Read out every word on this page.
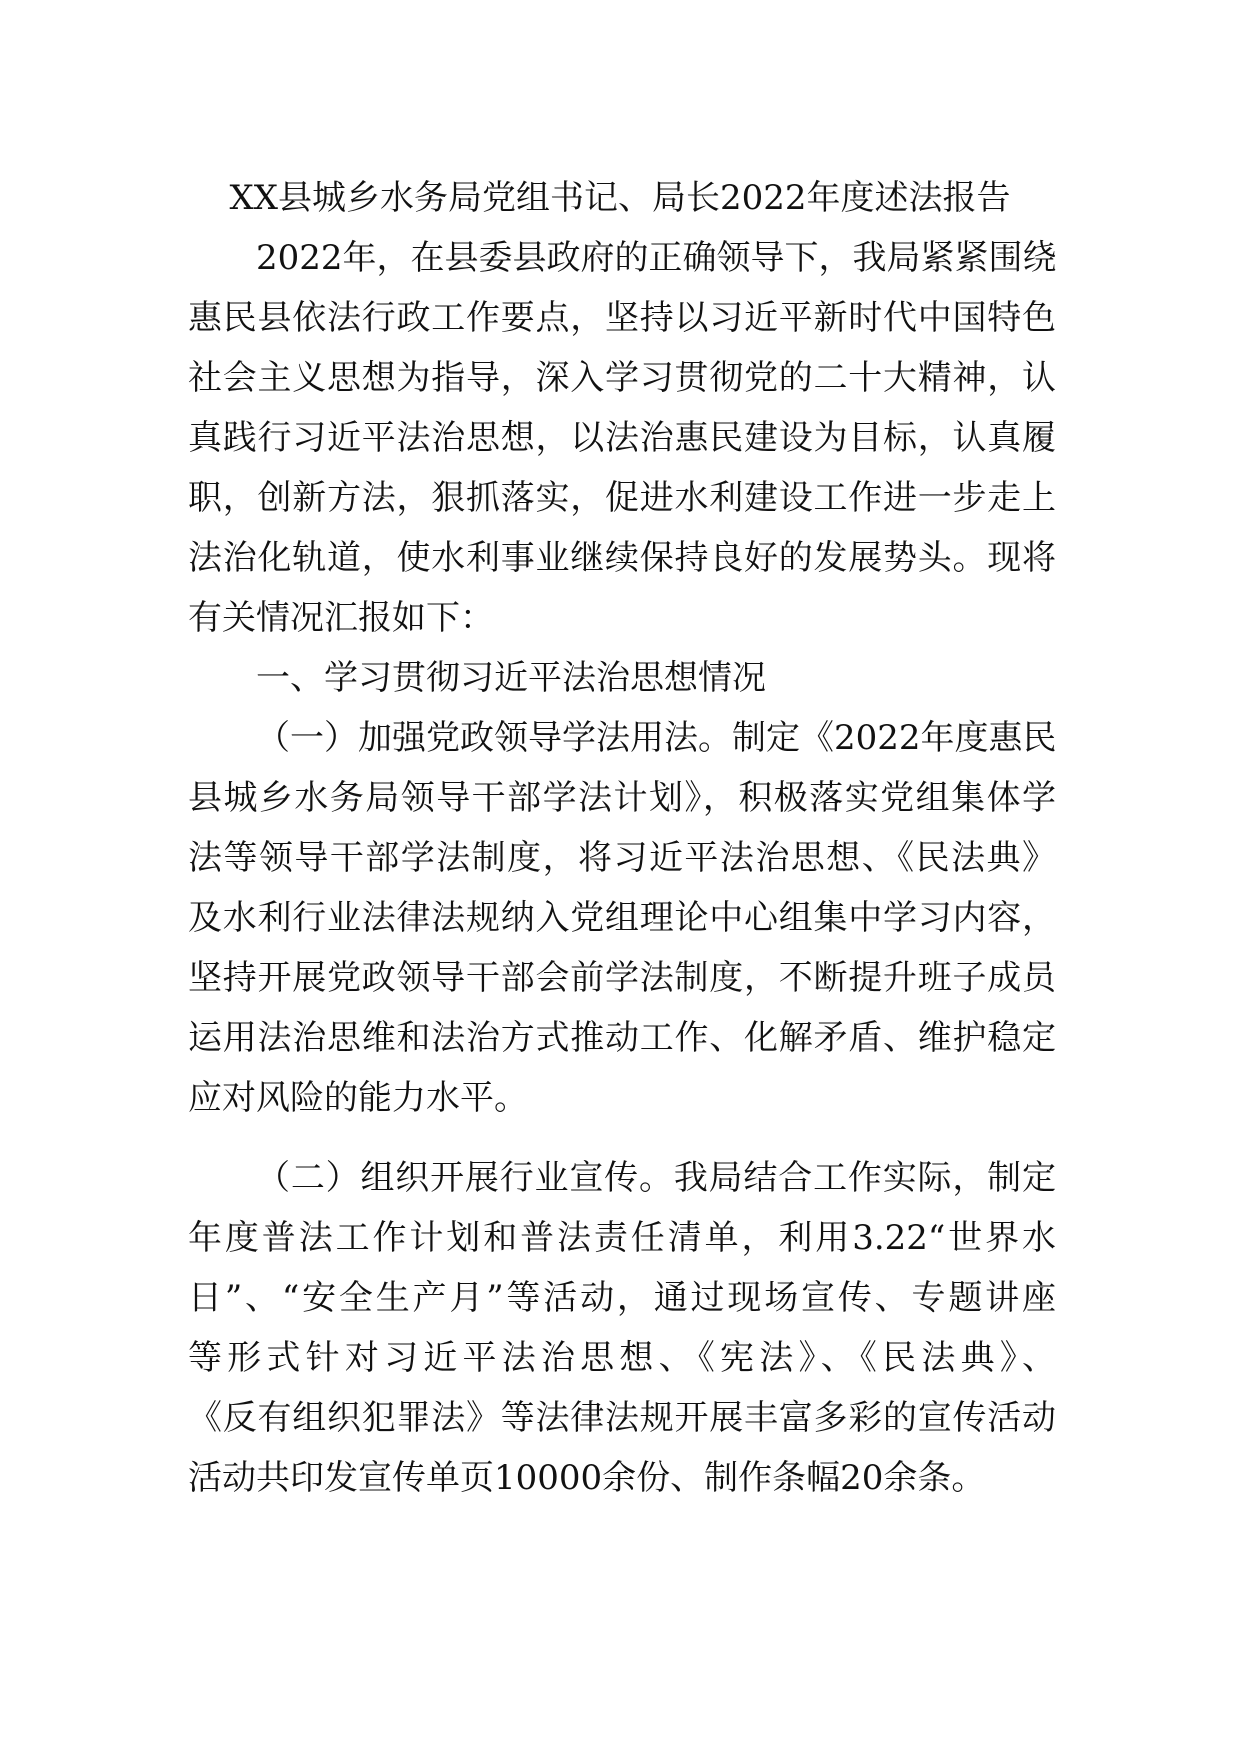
XX县城乡水务局党组书记、局长2022年度述法报告
2022年，在县委县政府的正确领导下，我局紧紧围绕
惠民县依法行政工作要点，坚持以习近平新时代中国特色
社会主义思想为指导，深入学习贯彻党的二十大精神，认
真践行习近平法治思想，以法治惠民建设为目标，认真履
职，创新方法，狠抓落实，促进水利建设工作进一步走上
法治化轨道，使水利事业继续保持良好的发展势头。现将
有关情况汇报如下：
一、学习贯彻习近平法治思想情况
（一）加强党政领导学法用法。制定《2022年度惠民
县城乡水务局领导干部学法计划》，积极落实党组集体学
法等领导干部学法制度，将习近平法治思想、《民法典》
及水利行业法律法规纳入党组理论中心组集中学习内容，
坚持开展党政领导干部会前学法制度，不断提升班子成员
运用法治思维和法治方式推动工作、化解矛盾、维护稳定
应对风险的能力水平。
（二）组织开展行业宣传。我局结合工作实际，制定
年度普法工作计划和普法责任清单，利用3.22“世界水
日”、“安全生产月”等活动，通过现场宣传、专题讲座
等形式针对习近平法治思想、《宪法》、《民法典》、
《反有组织犯罪法》等法律法规开展丰富多彩的宣传活动
活动共印发宣传单页10000余份、制作条幅20余条。
